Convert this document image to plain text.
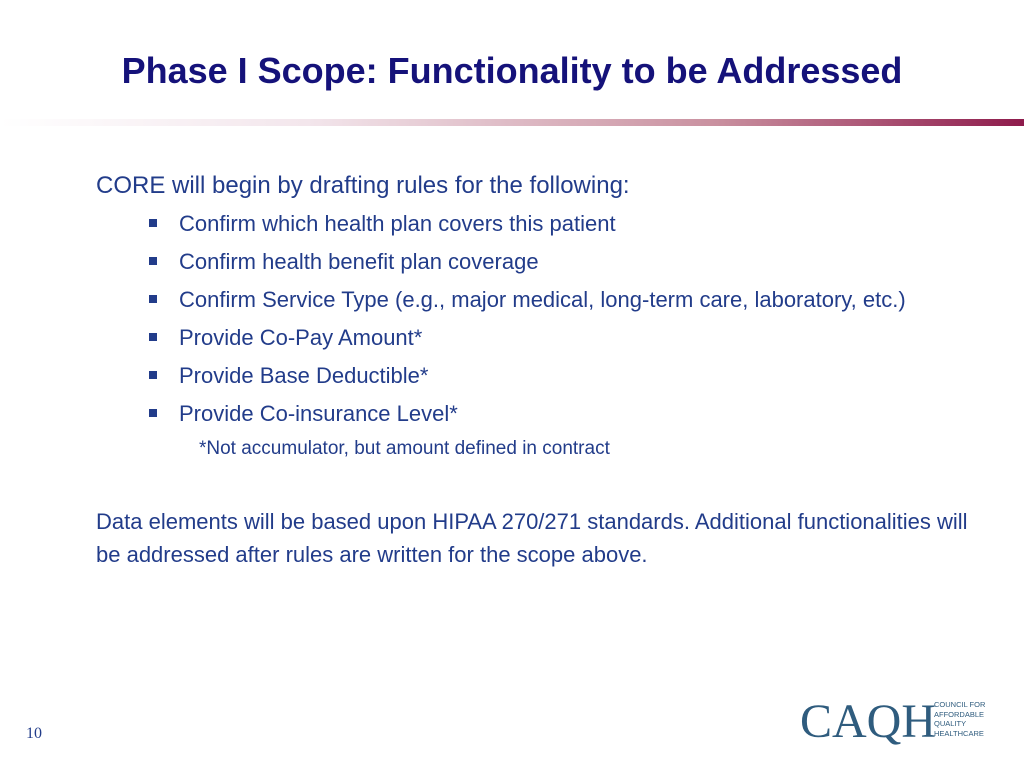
Phase I Scope: Functionality to be Addressed

CORE will begin by drafting rules for the following:

Confirm which health plan covers this patient
Confirm health benefit plan coverage
Confirm Service Type (e.g., major medical, long-term care, laboratory, etc.)
Provide Co-Pay Amount*
Provide Base Deductible*
Provide Co-insurance Level*

*Not accumulator, but amount defined in contract

Data elements will be based upon HIPAA 270/271 standards. Additional functionalities will be addressed after rules are written for the scope above.

10	CAQH
COUNCIL FOR
AFFORDABLE
QUALITY
HEALTHCARE
